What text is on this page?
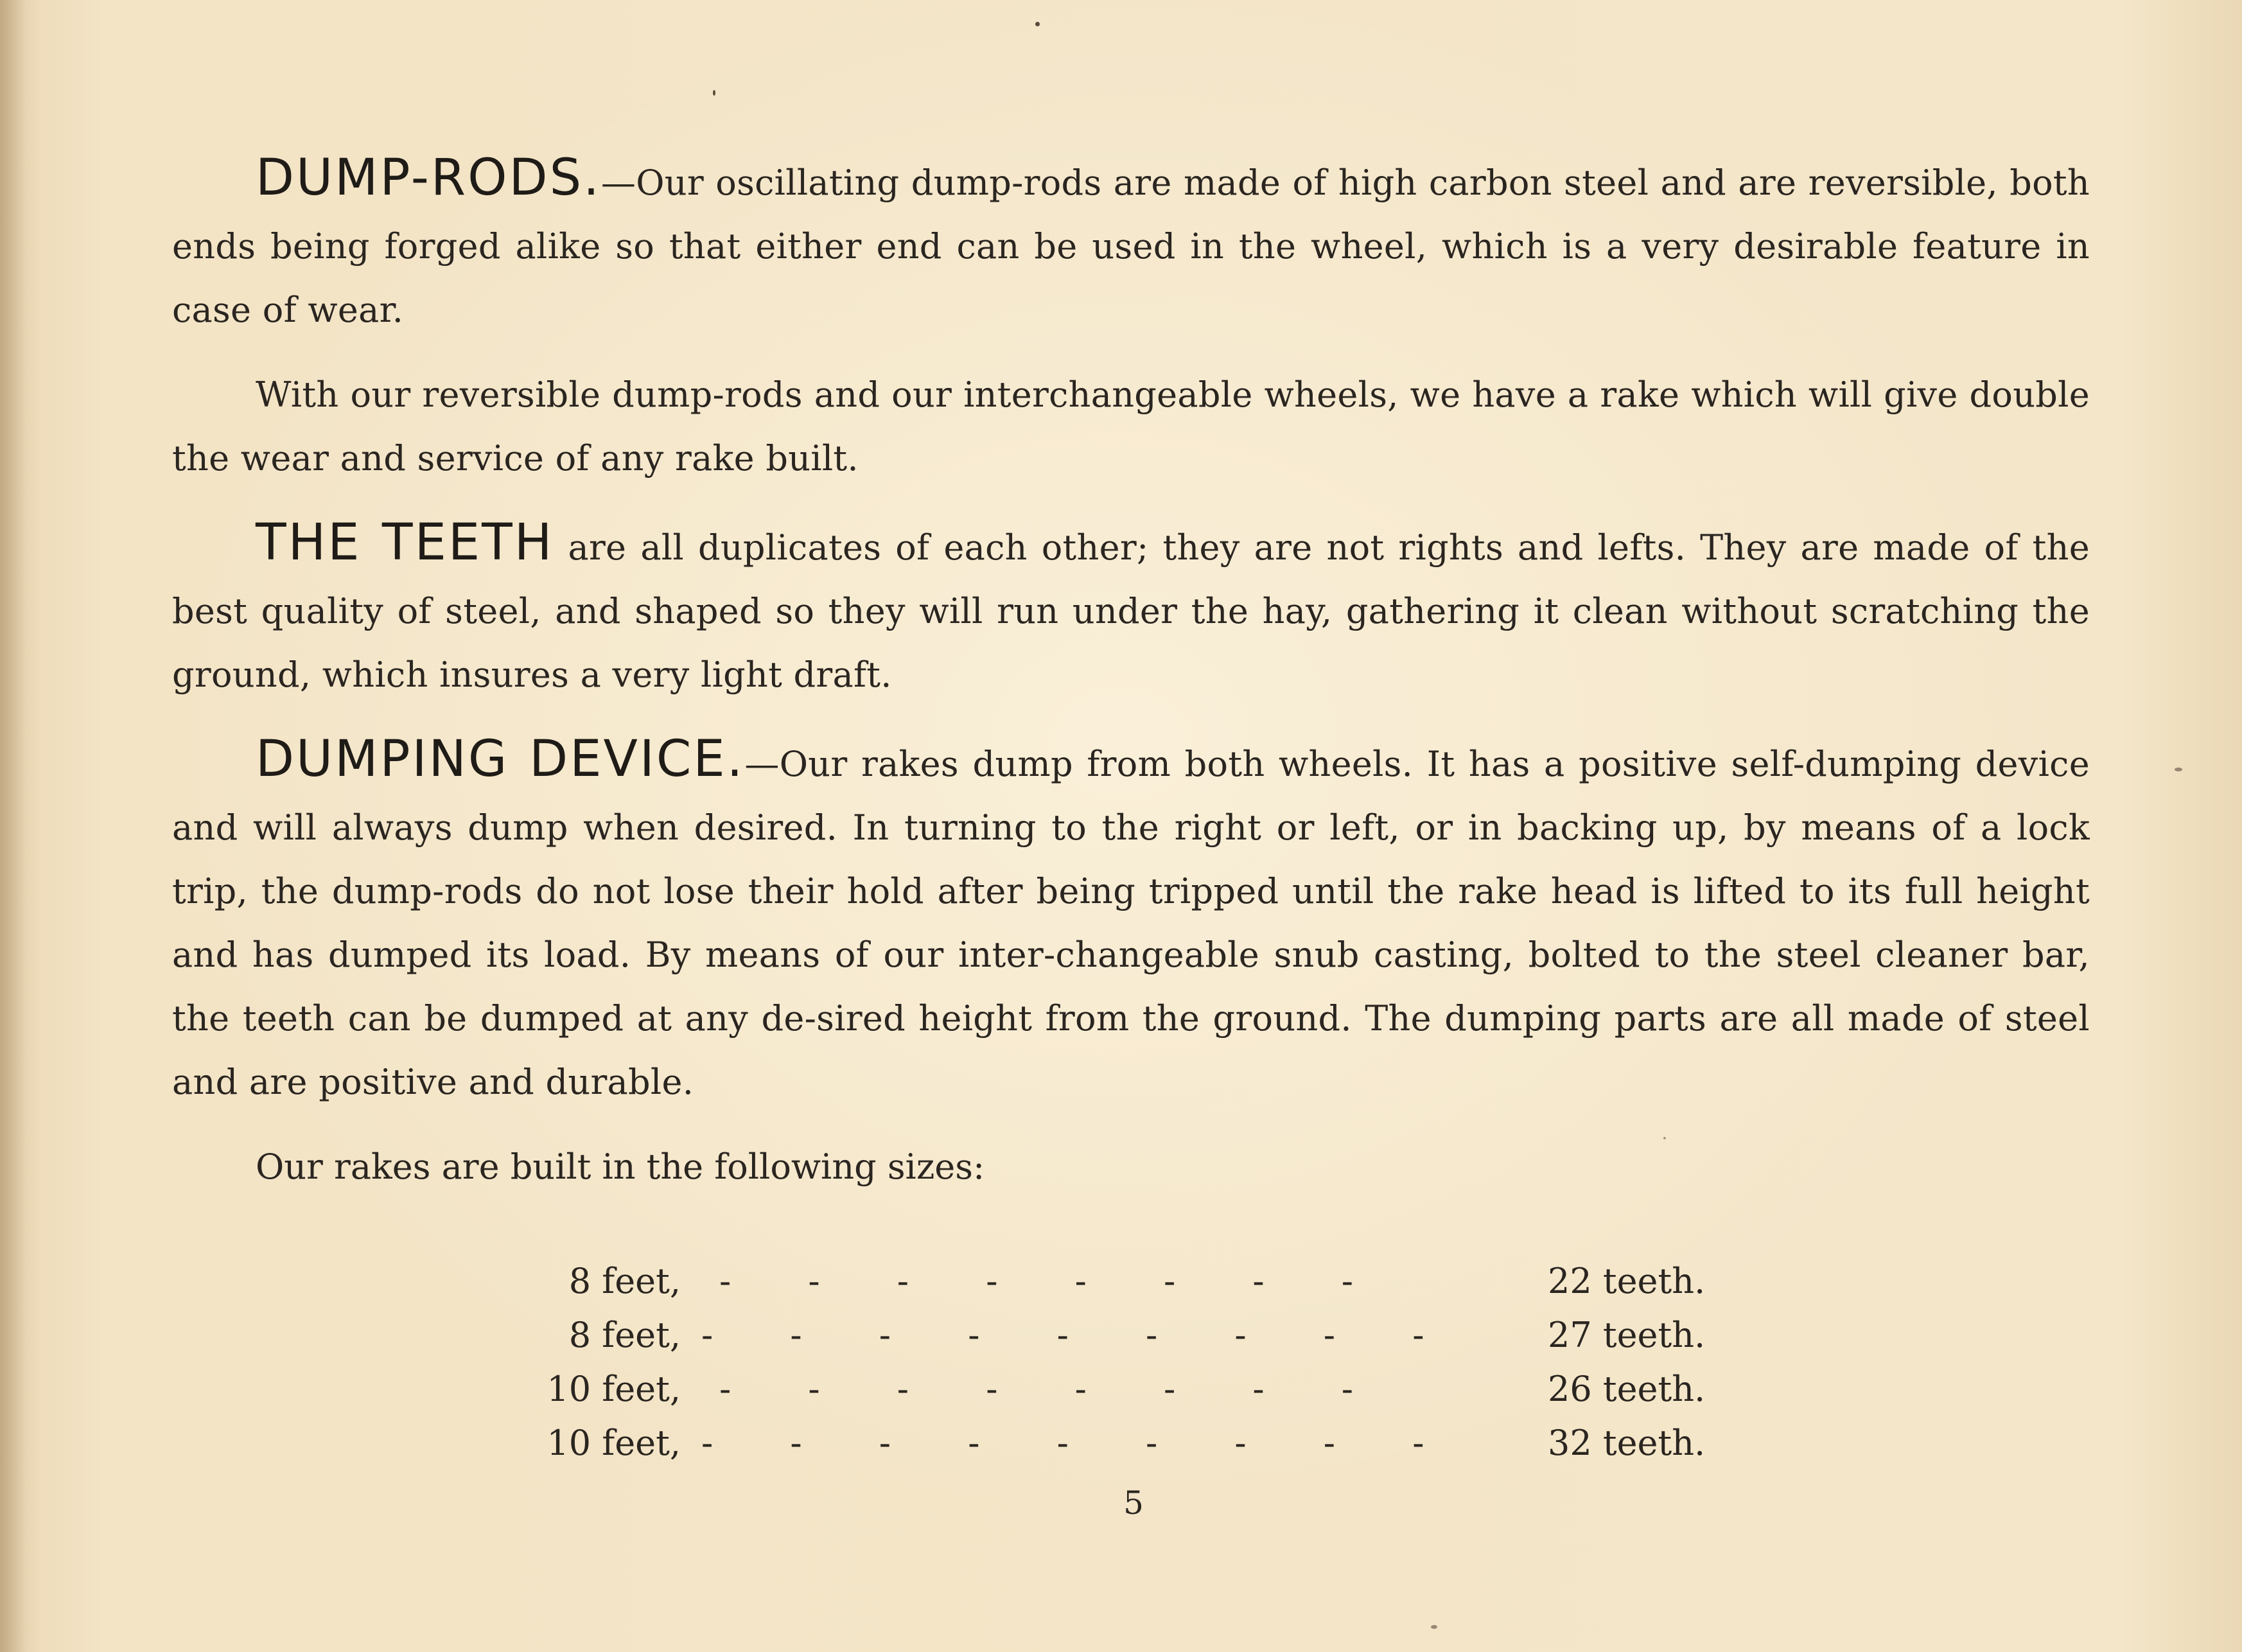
DUMP-RODS.—Our oscillating dump-rods are made of high carbon steel and are reversible, both ends being forged alike so that either end can be used in the wheel, which is a very desirable feature in case of wear.

With our reversible dump-rods and our interchangeable wheels, we have a rake which will give double the wear and service of any rake built.

THE TEETH are all duplicates of each other; they are not rights and lefts. They are made of the best quality of steel, and shaped so they will run under the hay, gathering it clean without scratching the ground, which insures a very light draft.

DUMPING DEVICE.—Our rakes dump from both wheels. It has a positive self-dumping device and will always dump when desired. In turning to the right or left, or in backing up, by means of a lock trip, the dump-rods do not lose their hold after being tripped until the rake head is lifted to its full height and has dumped its load. By means of our inter-changeable snub casting, bolted to the steel cleaner bar, the teeth can be dumped at any de-sired height from the ground. The dumping parts are all made of steel and are positive and durable.

Our rakes are built in the following sizes:

8 feet, -       -       -       -       -       -       -       -	22 teeth.
8 feet, -       -       -       -       -       -       -       -       -	27 teeth.
10 feet, -       -       -       -       -       -       -       -	26 teeth.
10 feet, -       -       -       -       -       -       -       -       -	32 teeth.
5
